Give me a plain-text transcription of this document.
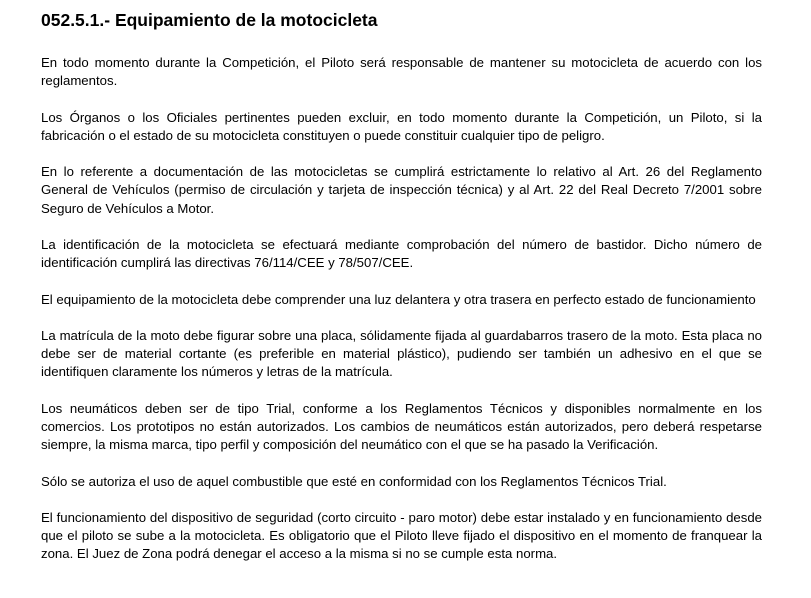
052.5.1.- Equipamiento de la motocicleta

En todo momento durante la Competición, el Piloto será responsable de mantener su motocicleta de acuerdo con los reglamentos.

Los Órganos o los Oficiales pertinentes pueden excluir, en todo momento durante la Competición, un Piloto, si la fabricación o el estado de su motocicleta constituyen o puede constituir cualquier tipo de peligro.

En lo referente a documentación de las motocicletas se cumplirá estrictamente lo relativo al Art. 26 del Reglamento General de Vehículos (permiso de circulación y tarjeta de inspección técnica) y al Art. 22 del Real Decreto 7/2001 sobre Seguro de Vehículos a Motor.

La identificación de la motocicleta se efectuará mediante comprobación del número de bastidor. Dicho número de identificación cumplirá las directivas 76/114/CEE y 78/507/CEE.

El equipamiento de la motocicleta debe comprender una luz delantera y otra trasera en perfecto estado de funcionamiento

La matrícula de la moto debe figurar sobre una placa, sólidamente fijada al guardabarros trasero de la moto. Esta placa no debe ser de material cortante (es preferible en material plástico), pudiendo ser también un adhesivo en el que se identifiquen claramente los números y letras de la matrícula.

Los neumáticos deben ser de tipo Trial, conforme a los Reglamentos Técnicos y disponibles normalmente en los comercios. Los prototipos no están autorizados. Los cambios de neumáticos están autorizados, pero deberá respetarse siempre, la misma marca, tipo perfil y composición del neumático con el que se ha pasado la Verificación.

Sólo se autoriza el uso de aquel combustible que esté en conformidad con los Reglamentos Técnicos Trial.

El funcionamiento del dispositivo de seguridad (corto circuito - paro motor) debe estar instalado y en funcionamiento desde que el piloto se sube a la motocicleta. Es obligatorio que el Piloto lleve fijado el dispositivo en el momento de franquear la zona. El Juez de Zona podrá denegar el acceso a la misma si no se cumple esta norma.
